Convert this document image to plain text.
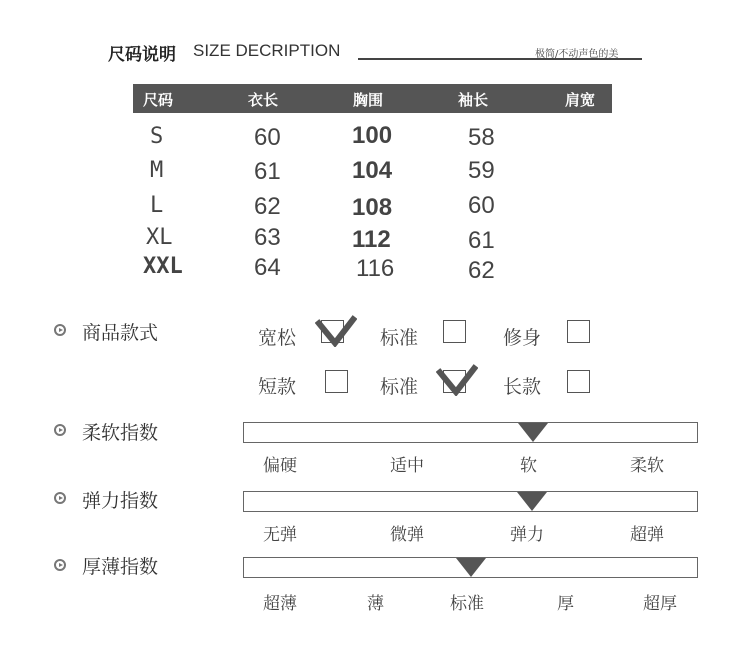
尺码说明 SIZE DECRIPTION	极简/不动声色的美
尺码	衣长	胸围	袖长	肩宽
S	60	100	58
M	61	104	59
L	62	108	60
XL	63	112	61
XXL	64	116	62
商品款式	宽松	标准	修身
短款	标准	长款
柔软指数
偏硬	适中	软	柔软
弹力指数
无弹	微弹	弹力	超弹
厚薄指数
超薄	薄	标准	厚	超厚
